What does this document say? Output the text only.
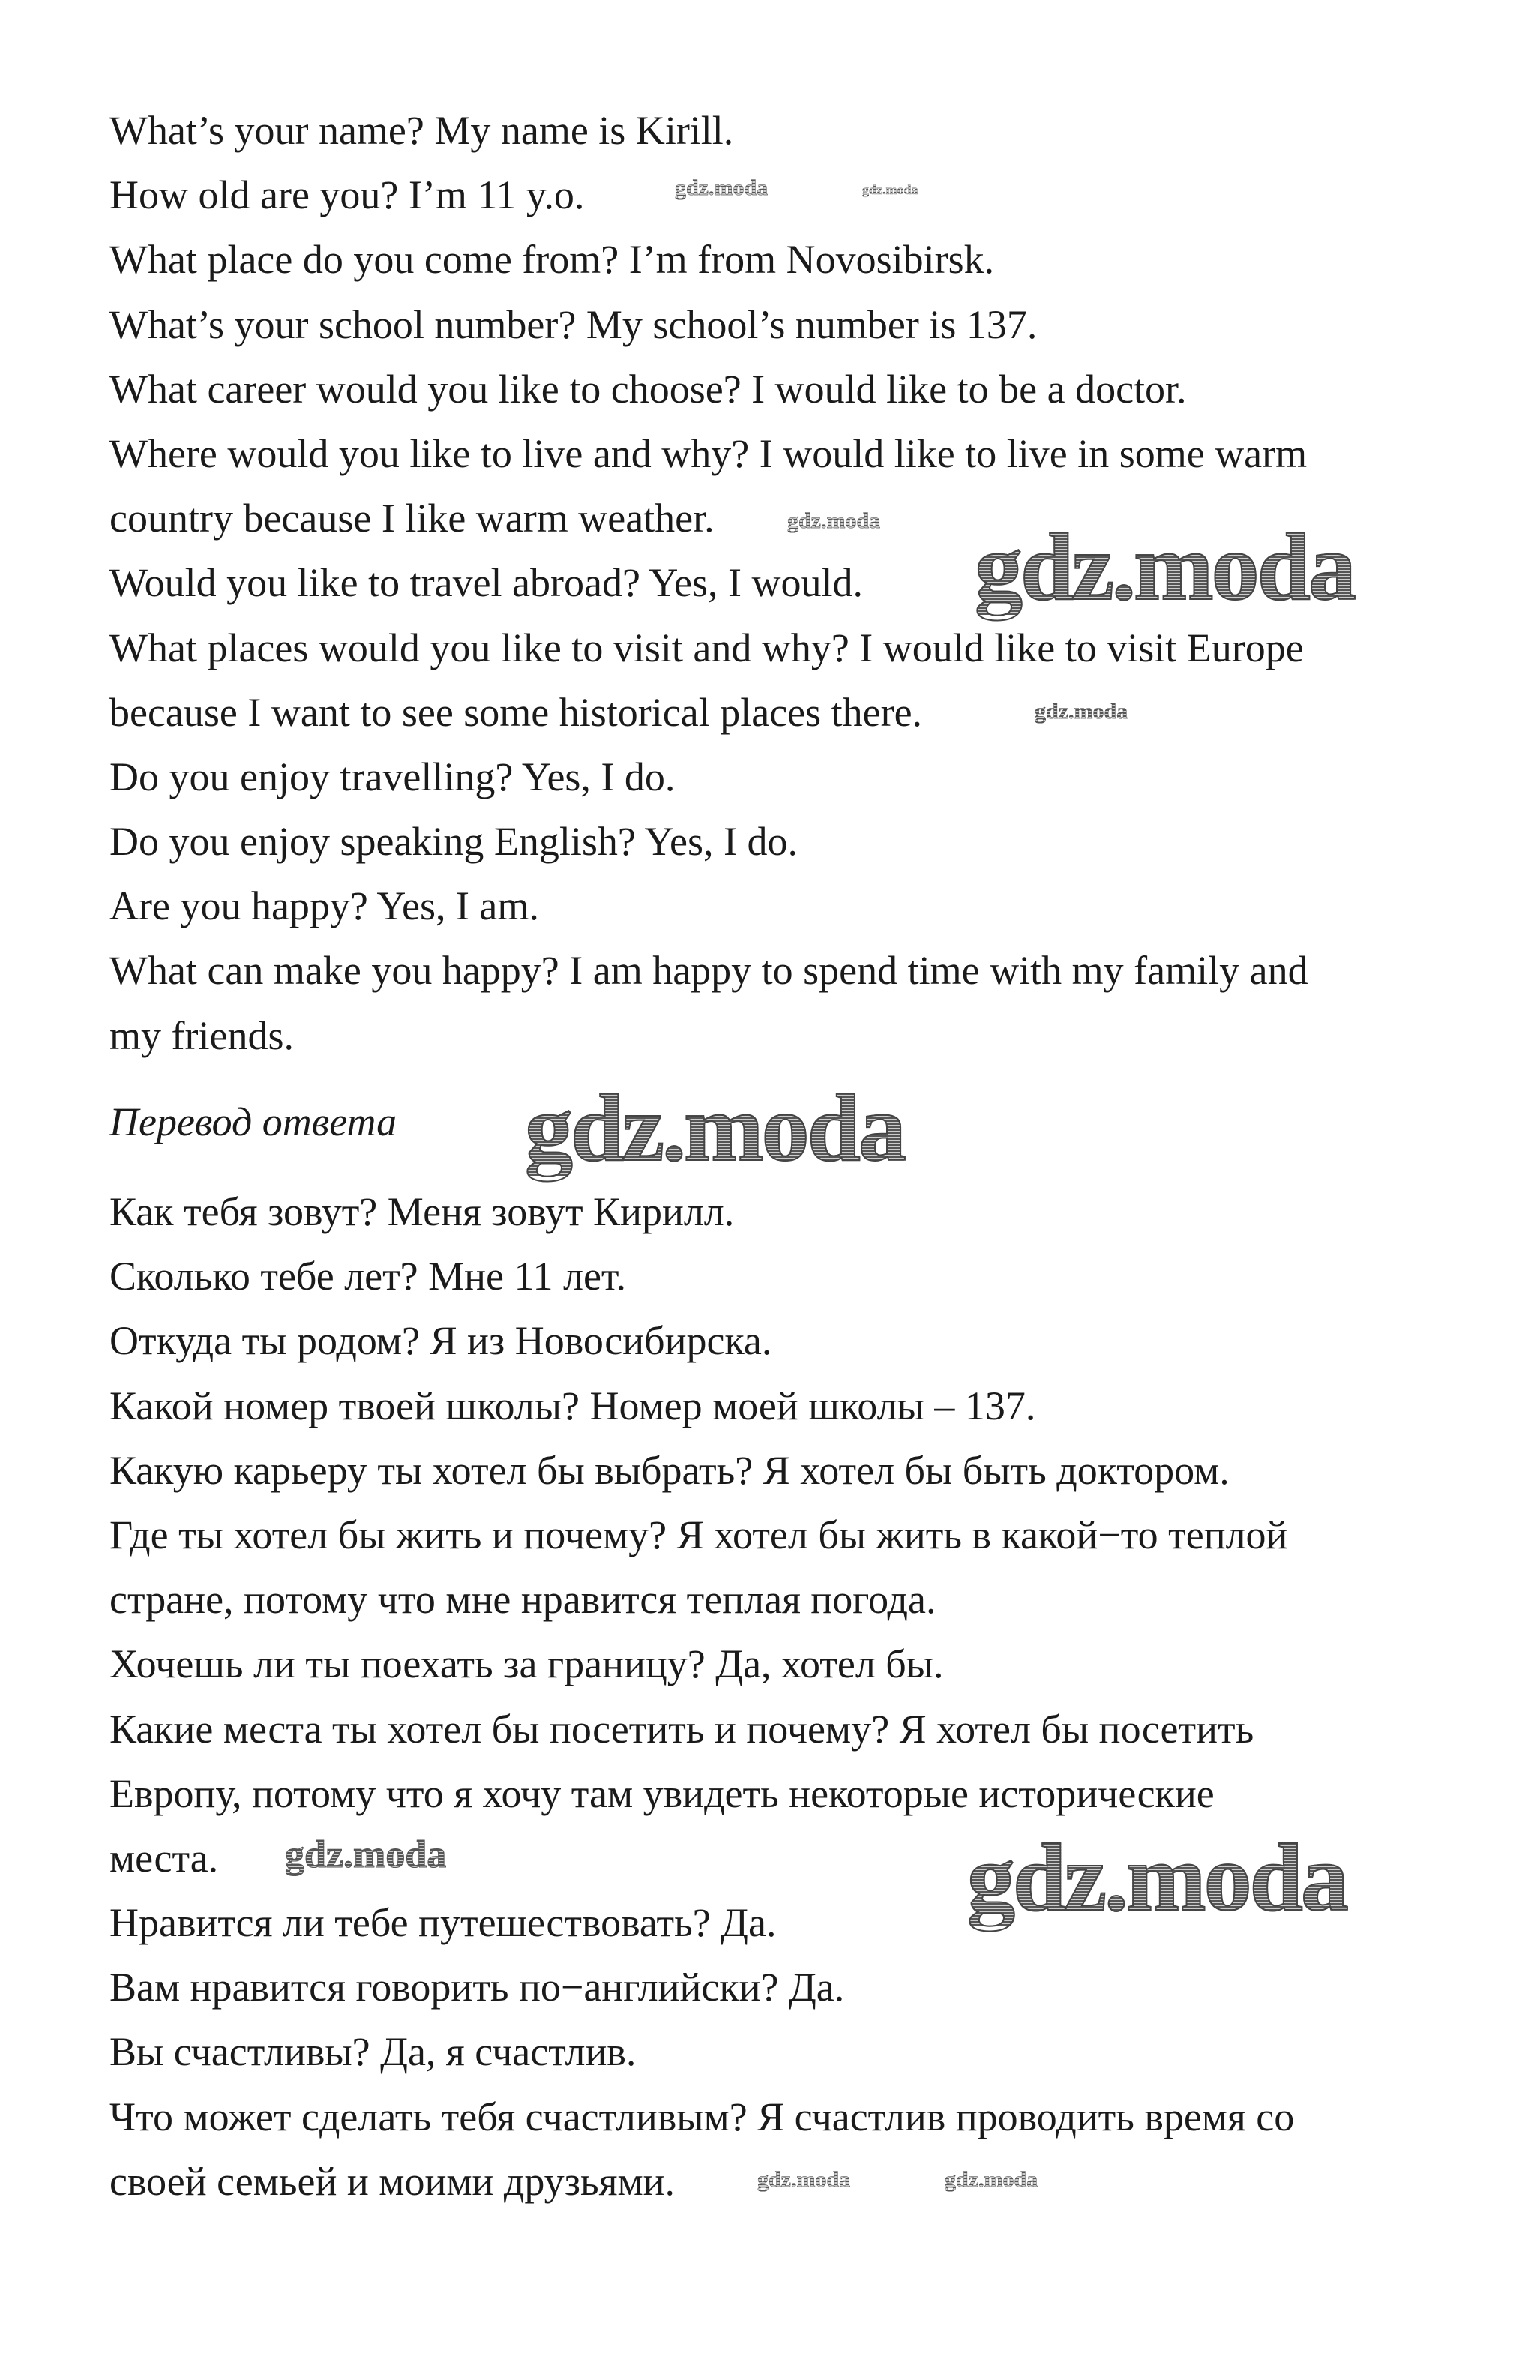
What’s your name? My name is Kirill.
How old are you? I’m 11 y.o.
What place do you come from? I’m from Novosibirsk.
What’s your school number? My school’s number is 137.
What career would you like to choose? I would like to be a doctor.
Where would you like to live and why? I would like to live in some warm
country because I like warm weather.
Would you like to travel abroad? Yes, I would.
What places would you like to visit and why? I would like to visit Europe
because I want to see some historical places there.
Do you enjoy travelling? Yes, I do.
Do you enjoy speaking English? Yes, I do.
Are you happy? Yes, I am.
What can make you happy? I am happy to spend time with my family and
my friends.
Перевод ответа
Как тебя зовут? Меня зовут Кирилл.
Сколько тебе лет? Мне 11 лет.
Откуда ты родом? Я из Новосибирска.
Какой номер твоей школы? Номер моей школы – 137.
Какую карьеру ты хотел бы выбрать? Я хотел бы быть доктором.
Где ты хотел бы жить и почему? Я хотел бы жить в какой−то теплой
стране, потому что мне нравится теплая погода.
Хочешь ли ты поехать за границу? Да, хотел бы.
Какие места ты хотел бы посетить и почему? Я хотел бы посетить
Европу, потому что я хочу там увидеть некоторые исторические
места.
Нравится ли тебе путешествовать? Да.
Вам нравится говорить по−английски? Да.
Вы счастливы? Да, я счастлив.
Что может сделать тебя счастливым? Я счастлив проводить время со
своей семьей и моими друзьями.
gdz.moda
gdz.moda
gdz.moda
gdz.moda
gdz.moda	gdz.moda
gdz.moda
gdz.moda
gdz.moda	gdz.moda
